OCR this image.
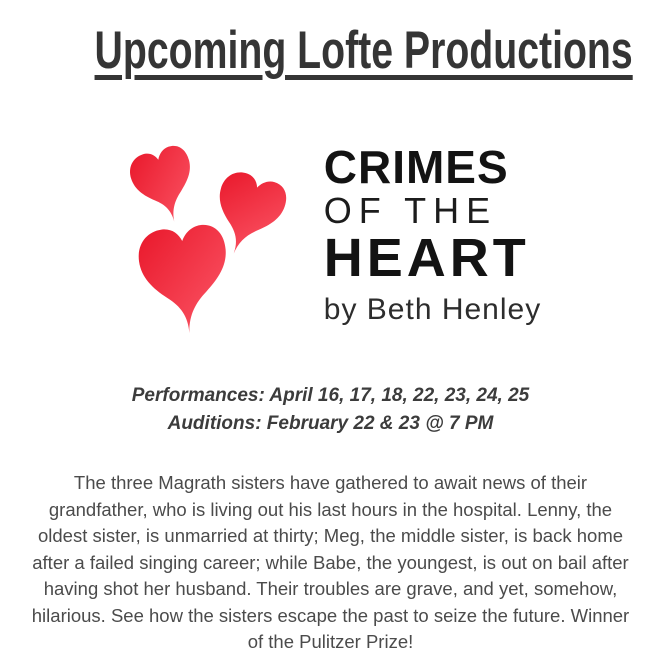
Upcoming Lofte Productions
CRIMES
OF THE
HEART
by Beth Henley
Performances: April 16, 17, 18, 22, 23, 24, 25
Auditions: February 22 & 23 @ 7 PM

The three Magrath sisters have gathered to await news of their grandfather, who is living out his last hours in the hospital. Lenny, the oldest sister, is unmarried at thirty; Meg, the middle sister, is back home after a failed singing career; while Babe, the youngest, is out on bail after having shot her husband. Their troubles are grave, and yet, somehow, hilarious. See how the sisters escape the past to seize the future. Winner of the Pulitzer Prize!
